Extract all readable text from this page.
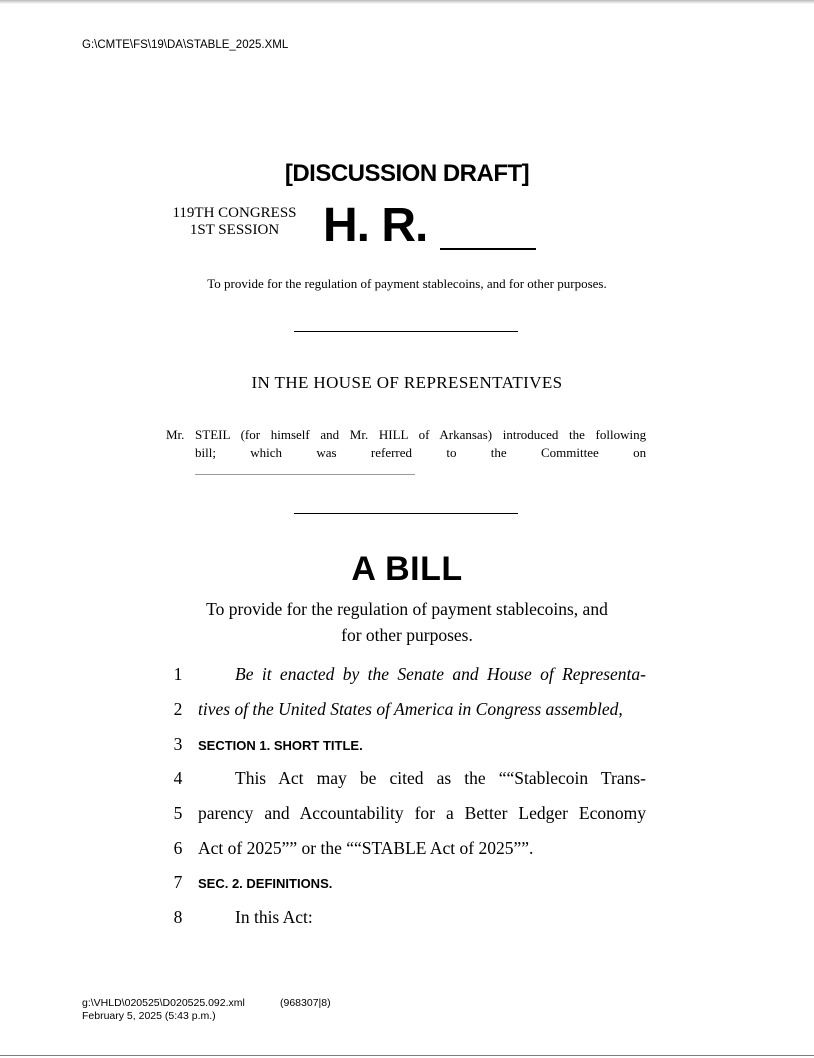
G:\CMTE\FS\19\DA\STABLE_2025.XML
[DISCUSSION DRAFT]
119TH CONGRESS
1ST SESSION H. R.
To provide for the regulation of payment stablecoins, and for other purposes.
IN THE HOUSE OF REPRESENTATIVES
Mr. STEIL (for himself and Mr. HILL of Arkansas) introduced the following
bill;	which	was	referred	to	the	Committee	on
A BILL
To provide for the regulation of payment stablecoins, and
for other purposes.
1	Be it enacted by the Senate and House of Representa-
2 tives of the United States of America in Congress assembled,
3	SECTION 1. SHORT TITLE.
4	This Act may be cited as the ““Stablecoin Trans-
5 parency and Accountability for a Better Ledger Economy
6 Act of 2025”” or the ““STABLE Act of 2025””.
7	SEC. 2. DEFINITIONS.
8	In this Act:
g:\VHLD\020525\D020525.092.xml	(968307|8)
February 5, 2025 (5:43 p.m.)
